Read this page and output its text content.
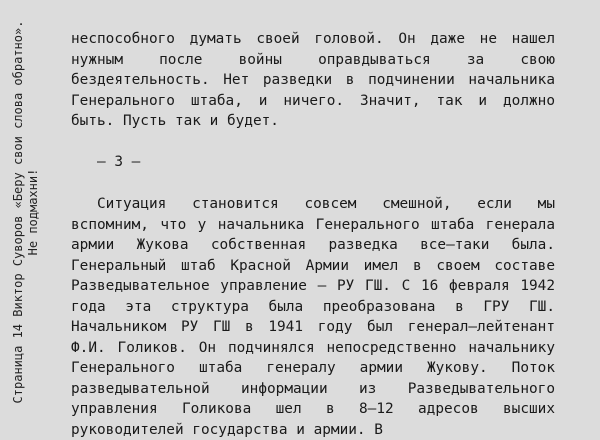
Страница 14 Виктор Суворов «Беру свои слова обратно». Не подмахни!

неспособного думать своей головой. Он даже не нашел нужным после войны оправдываться за свою бездеятельность. Нет разведки в подчинении начальника Генерального штаба, и ничего. Значит, так и должно быть. Пусть так и будет.

— 3 —

Ситуация становится совсем смешной, если мы вспомним, что у начальника Генерального штаба генерала армии Жукова собственная разведка все—таки была. Генеральный штаб Красной Армии имел в своем составе Разведывательное управление — РУ ГШ. С 16 февраля 1942 года эта структура была преобразована в ГРУ ГШ. Начальником РУ ГШ в 1941 году был генерал—лейтенант Ф.И. Голиков. Он подчинялся непосредственно начальнику Генерального штаба генералу армии Жукову. Поток разведывательной информации из Разведывательного управления Голикова шел в 8—12 адресов высших руководителей государства и армии. В
